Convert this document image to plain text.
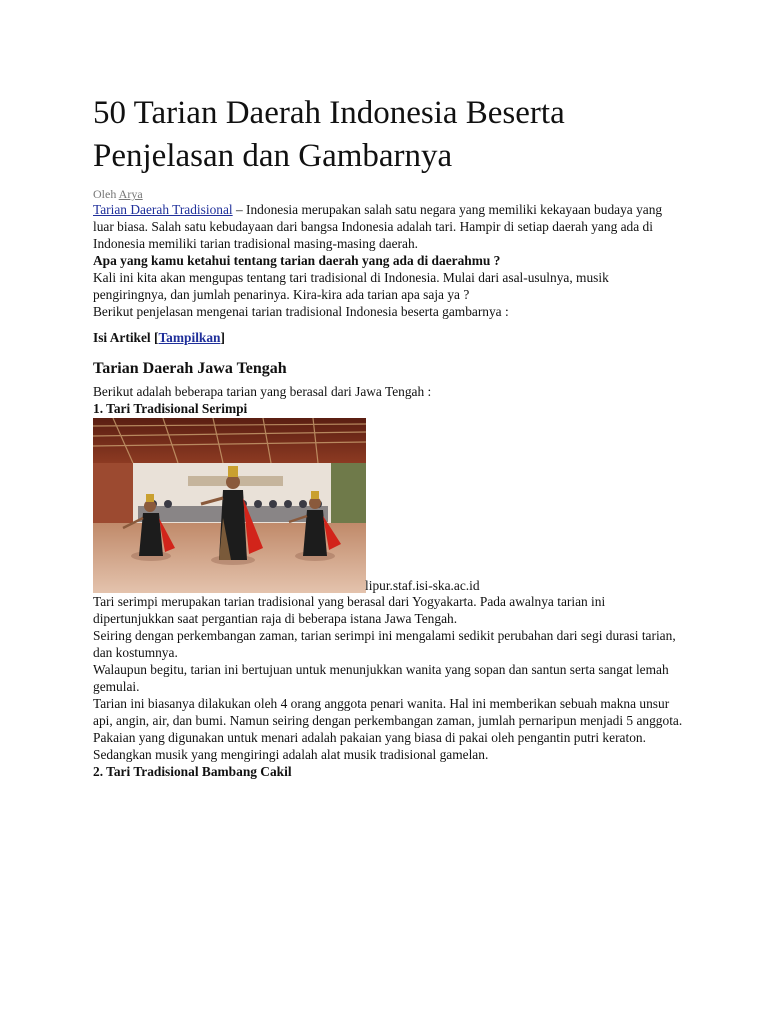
50 Tarian Daerah Indonesia Beserta Penjelasan dan Gambarnya
Oleh Arya

Tarian Daerah Tradisional – Indonesia merupakan salah satu negara yang memiliki kekayaan budaya yang luar biasa. Salah satu kebudayaan dari bangsa Indonesia adalah tari. Hampir di setiap daerah yang ada di Indonesia memiliki tarian tradisional masing-masing daerah.

Apa yang kamu ketahui tentang tarian daerah yang ada di daerahmu ?

Kali ini kita akan mengupas tentang tari tradisional di Indonesia. Mulai dari asal-usulnya, musik pengiringnya, dan jumlah penarinya. Kira-kira ada tarian apa saja ya ?

Berikut penjelasan mengenai tarian tradisional Indonesia beserta gambarnya :

Isi Artikel [Tampilkan]
Tarian Daerah Jawa Tengah

Berikut adalah beberapa tarian yang berasal dari Jawa Tengah :

1. Tari Tradisional Serimpi

lipur.staf.isi-ska.ac.id

Tari serimpi merupakan tarian tradisional yang berasal dari Yogyakarta. Pada awalnya tarian ini dipertunjukkan saat pergantian raja di beberapa istana Jawa Tengah.

Seiring dengan perkembangan zaman, tarian serimpi ini mengalami sedikit perubahan dari segi durasi tarian, dan kostumnya.

Walaupun begitu, tarian ini bertujuan untuk menunjukkan wanita yang sopan dan santun serta sangat lemah gemulai.

Tarian ini biasanya dilakukan oleh 4 orang anggota penari wanita. Hal ini memberikan sebuah makna unsur api, angin, air, dan bumi. Namun seiring dengan perkembangan zaman, jumlah pernaripun menjadi 5 anggota.

Pakaian yang digunakan untuk menari adalah pakaian yang biasa di pakai oleh pengantin putri keraton. Sedangkan musik yang mengiringi adalah alat musik tradisional gamelan.

2. Tari Tradisional Bambang Cakil
